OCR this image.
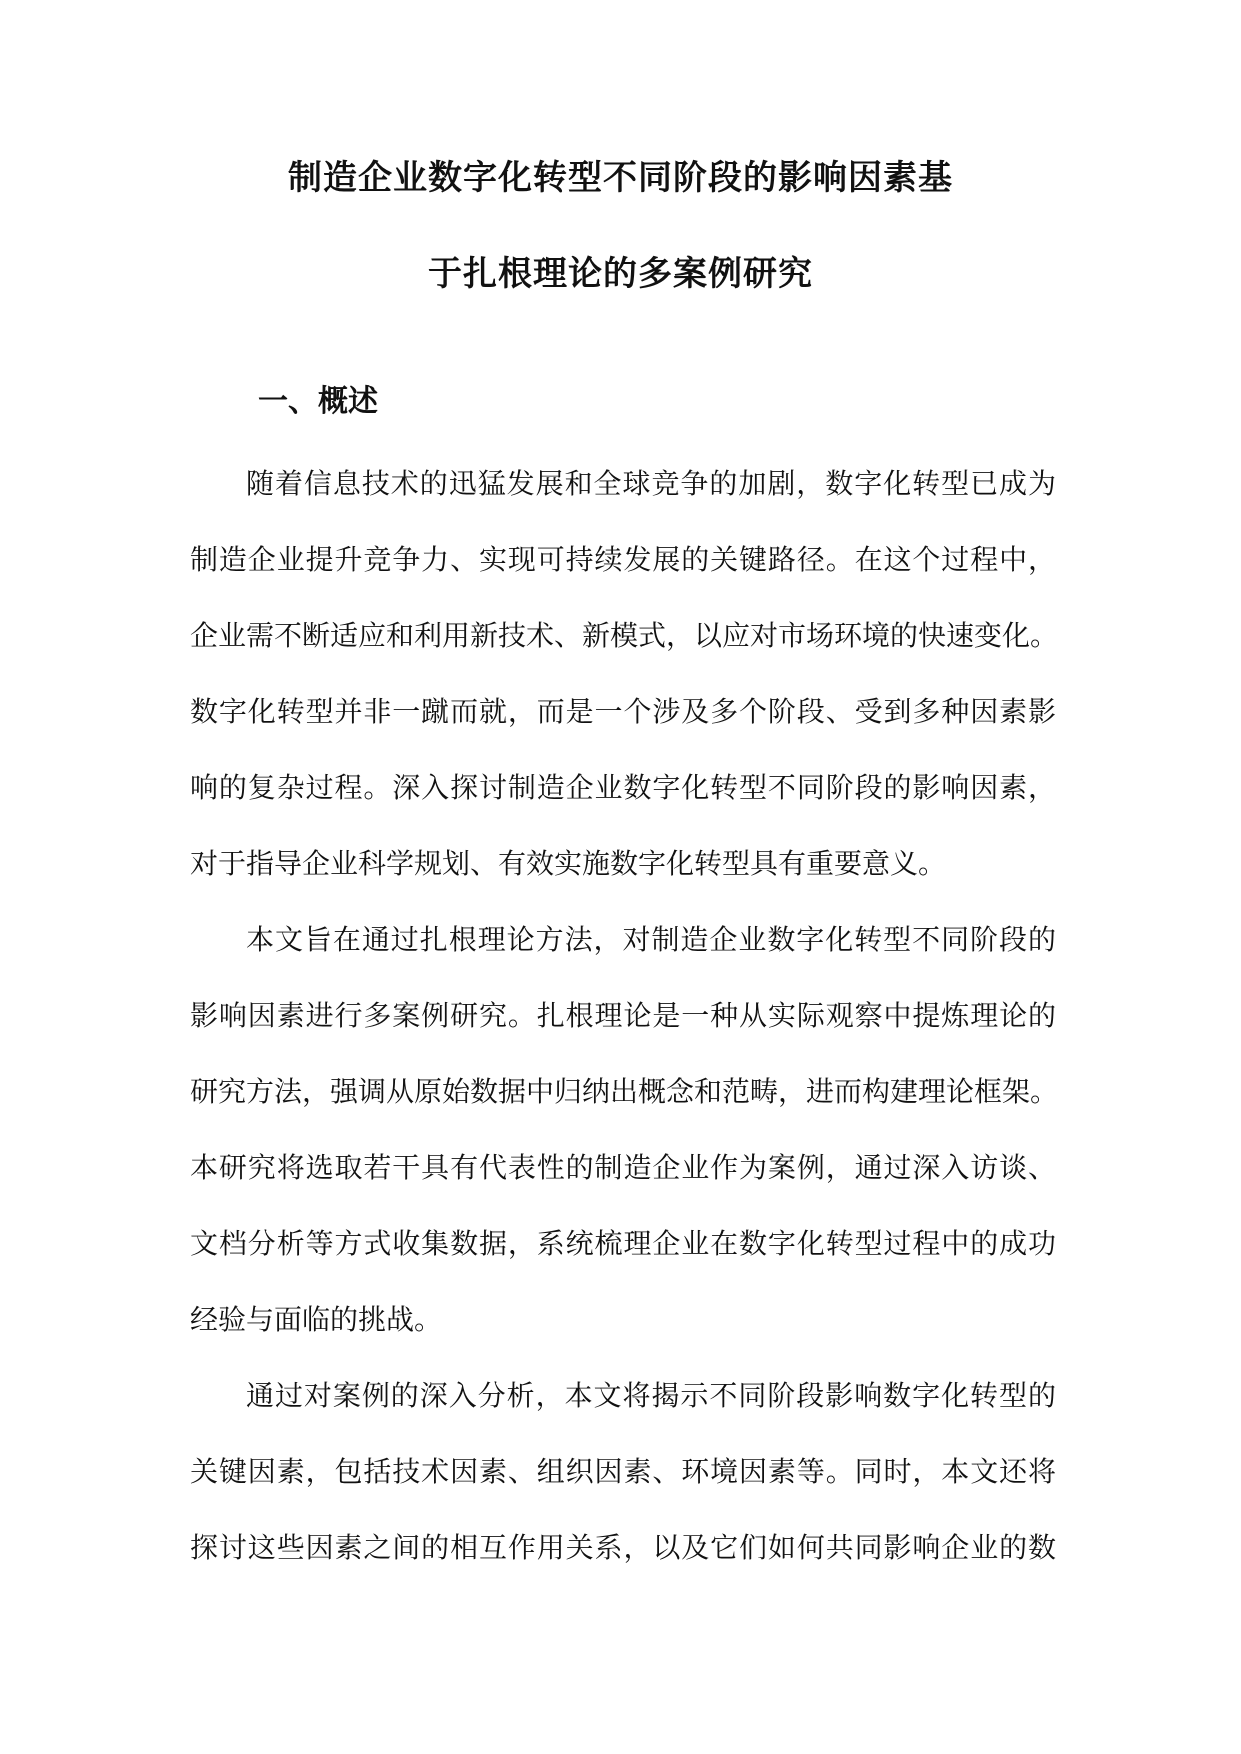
制造企业数字化转型不同阶段的影响因素基
于扎根理论的多案例研究
一、概述
随着信息技术的迅猛发展和全球竞争的加剧，数字化转型已成为
制造企业提升竞争力、实现可持续发展的关键路径。在这个过程中，
企业需不断适应和利用新技术、新模式，以应对市场环境的快速变化。
数字化转型并非一蹴而就，而是一个涉及多个阶段、受到多种因素影
响的复杂过程。深入探讨制造企业数字化转型不同阶段的影响因素，
对于指导企业科学规划、有效实施数字化转型具有重要意义。
本文旨在通过扎根理论方法，对制造企业数字化转型不同阶段的
影响因素进行多案例研究。扎根理论是一种从实际观察中提炼理论的
研究方法，强调从原始数据中归纳出概念和范畴，进而构建理论框架。
本研究将选取若干具有代表性的制造企业作为案例，通过深入访谈、
文档分析等方式收集数据，系统梳理企业在数字化转型过程中的成功
经验与面临的挑战。
通过对案例的深入分析，本文将揭示不同阶段影响数字化转型的
关键因素，包括技术因素、组织因素、环境因素等。同时，本文还将
探讨这些因素之间的相互作用关系，以及它们如何共同影响企业的数
